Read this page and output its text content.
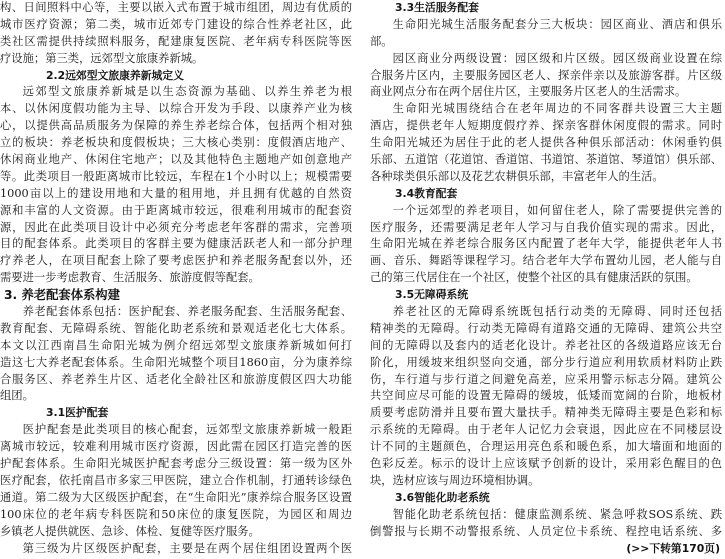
构、日间照料中心等，主要以嵌入式布置于城市组团，周边有优质的
城市医疗资源；第二类，城市近郊专门建设的综合性养老社区，此
类社区需提供持续照料服务，配建康复医院、老年病专科医院等医
疗设施；第三类，远郊型文旅康养新城。
2.2远郊型文旅康养新城定义
远郊型文旅康养新城是以生态资源为基础、以养生养老为根
本、以休闲度假功能为主导、以综合开发为手段、以康养产业为核
心，以提供高品质服务为保障的养生养老综合体，包括两个相对独
立的板块：养老板块和度假板块；三大核心类别：度假酒店地产、
休闲商业地产、休闲住宅地产；以及其他特色主题地产如创意地产
等。此类项目一般距离城市比较远，车程在1个小时以上；规模需要
1000亩以上的建设用地和大量的租用地，并且拥有优越的自然资
源和丰富的人文资源。由于距离城市较远，很难利用城市的配套资
源，因此在此类项目设计中必须充分考虑老年客群的需求，完善项
目的配套体系。此类项目的客群主要为健康活跃老人和一部分护理
疗养老人，在项目配套上除了要考虑医护和养老服务配套以外，还
需要进一步考虑教育、生活服务、旅游度假等配套。
3. 养老配套体系构建
养老配套体系包括：医护配套、养老服务配套、生活服务配套、
教育配套、无障碍系统、智能化助老系统和景观适老化七大体系。
本文以江西南昌生命阳光城为例介绍远郊型文旅康养新城如何打
造这七大养老配套体系。生命阳光城整个项目1860亩，分为康养综
合服务区、养老养生片区、适老化全龄社区和旅游度假区四大功能
组团。
3.1医护配套
医护配套是此类项目的核心配套，远郊型文旅康养新城一般距
离城市较远，较难利用城市医疗资源，因此需在园区打造完善的医
护配套体系。生命阳光城医护配套考虑分三级设置：第一级为区外
医疗配套，依托南昌市多家三甲医院，建立合作机制，打通转诊绿色
通道。第二级为大区级医护配套，在“生命阳光”康养综合服务区设置
100床位的老年病专科医院和50床位的康复医院，为园区和周边
乡镇老人提供就医、急诊、体检、复健等医疗服务。
第三级为片区级医护配套，主要是在两个居住组团设置两个医
3.3生活服务配套
生命阳光城生活服务配套分三大板块：园区商业、酒店和俱乐
部。
园区商业分两级设置：园区级和片区级。园区级商业设置在综
合服务片区内，主要服务园区老人、探亲伴亲以及旅游客群。片区级
商业网点分布在两个居住片区，主要服务片区老人的生活需求。
生命阳光城围绕结合在老年周边的不同客群共设置三大主题
酒店，提供老年人短期度假疗养、探亲客群休闲度假的需求。同时
生命阳光城还为居住于此的老人提供各种俱乐部活动：休闲垂钓俱
乐部、五道馆（花道馆、香道馆、书道馆、茶道馆、琴道馆）俱乐部、
各种球类俱乐部以及花艺农耕俱乐部，丰富老年人的生活。
3.4教育配套
一个远郊型的养老项目，如何留住老人，除了需要提供完善的
医疗服务，还需要满足老年人学习与自我价值实现的需求。因此，
生命阳光城在养老综合服务区内配置了老年大学，能提供老年人书
画、音乐、舞蹈等课程学习。结合老年大学布置幼儿园，老人能与自
己的第三代居住在一个社区，使整个社区的具有健康活跃的氛围。
3.5无障碍系统
养老社区的无障碍系统既包括行动类的无障碍、同时还包括
精神类的无障碍。行动类无障碍有道路交通的无障碍、建筑公共空
间的无障碍以及套内的适老化设计。养老社区的各级道路应该无台
阶化，用缓坡来组织竖向交通，部分步行道应利用软质材料防止跌
伤，车行道与步行道之间避免高差，应采用警示标志分隔。建筑公
共空间应尽可能的设置无障碍的缓坡，低矮而宽阔的台阶，地板材
质要考虑防滑并且要布置大量扶手。精神类无障碍主要是色彩和标
示系统的无障碍。由于老年人记忆力会衰退，因此应在不同楼层设
计不同的主题颜色，合理运用亮色系和暖色系，加大墙面和地面的
色彩反差。标示的设计上应该赋予创新的设计，采用彩色醒目的色
块，选材应该与周边环境相协调。
3.6智能化助老系统
智能化助老系统包括：健康监测系统、紧急呼救SOS系统、跌
倒警报与长期不动警报系统、人员定位卡系统、程控电话系统、多
(>>下转第170页)
